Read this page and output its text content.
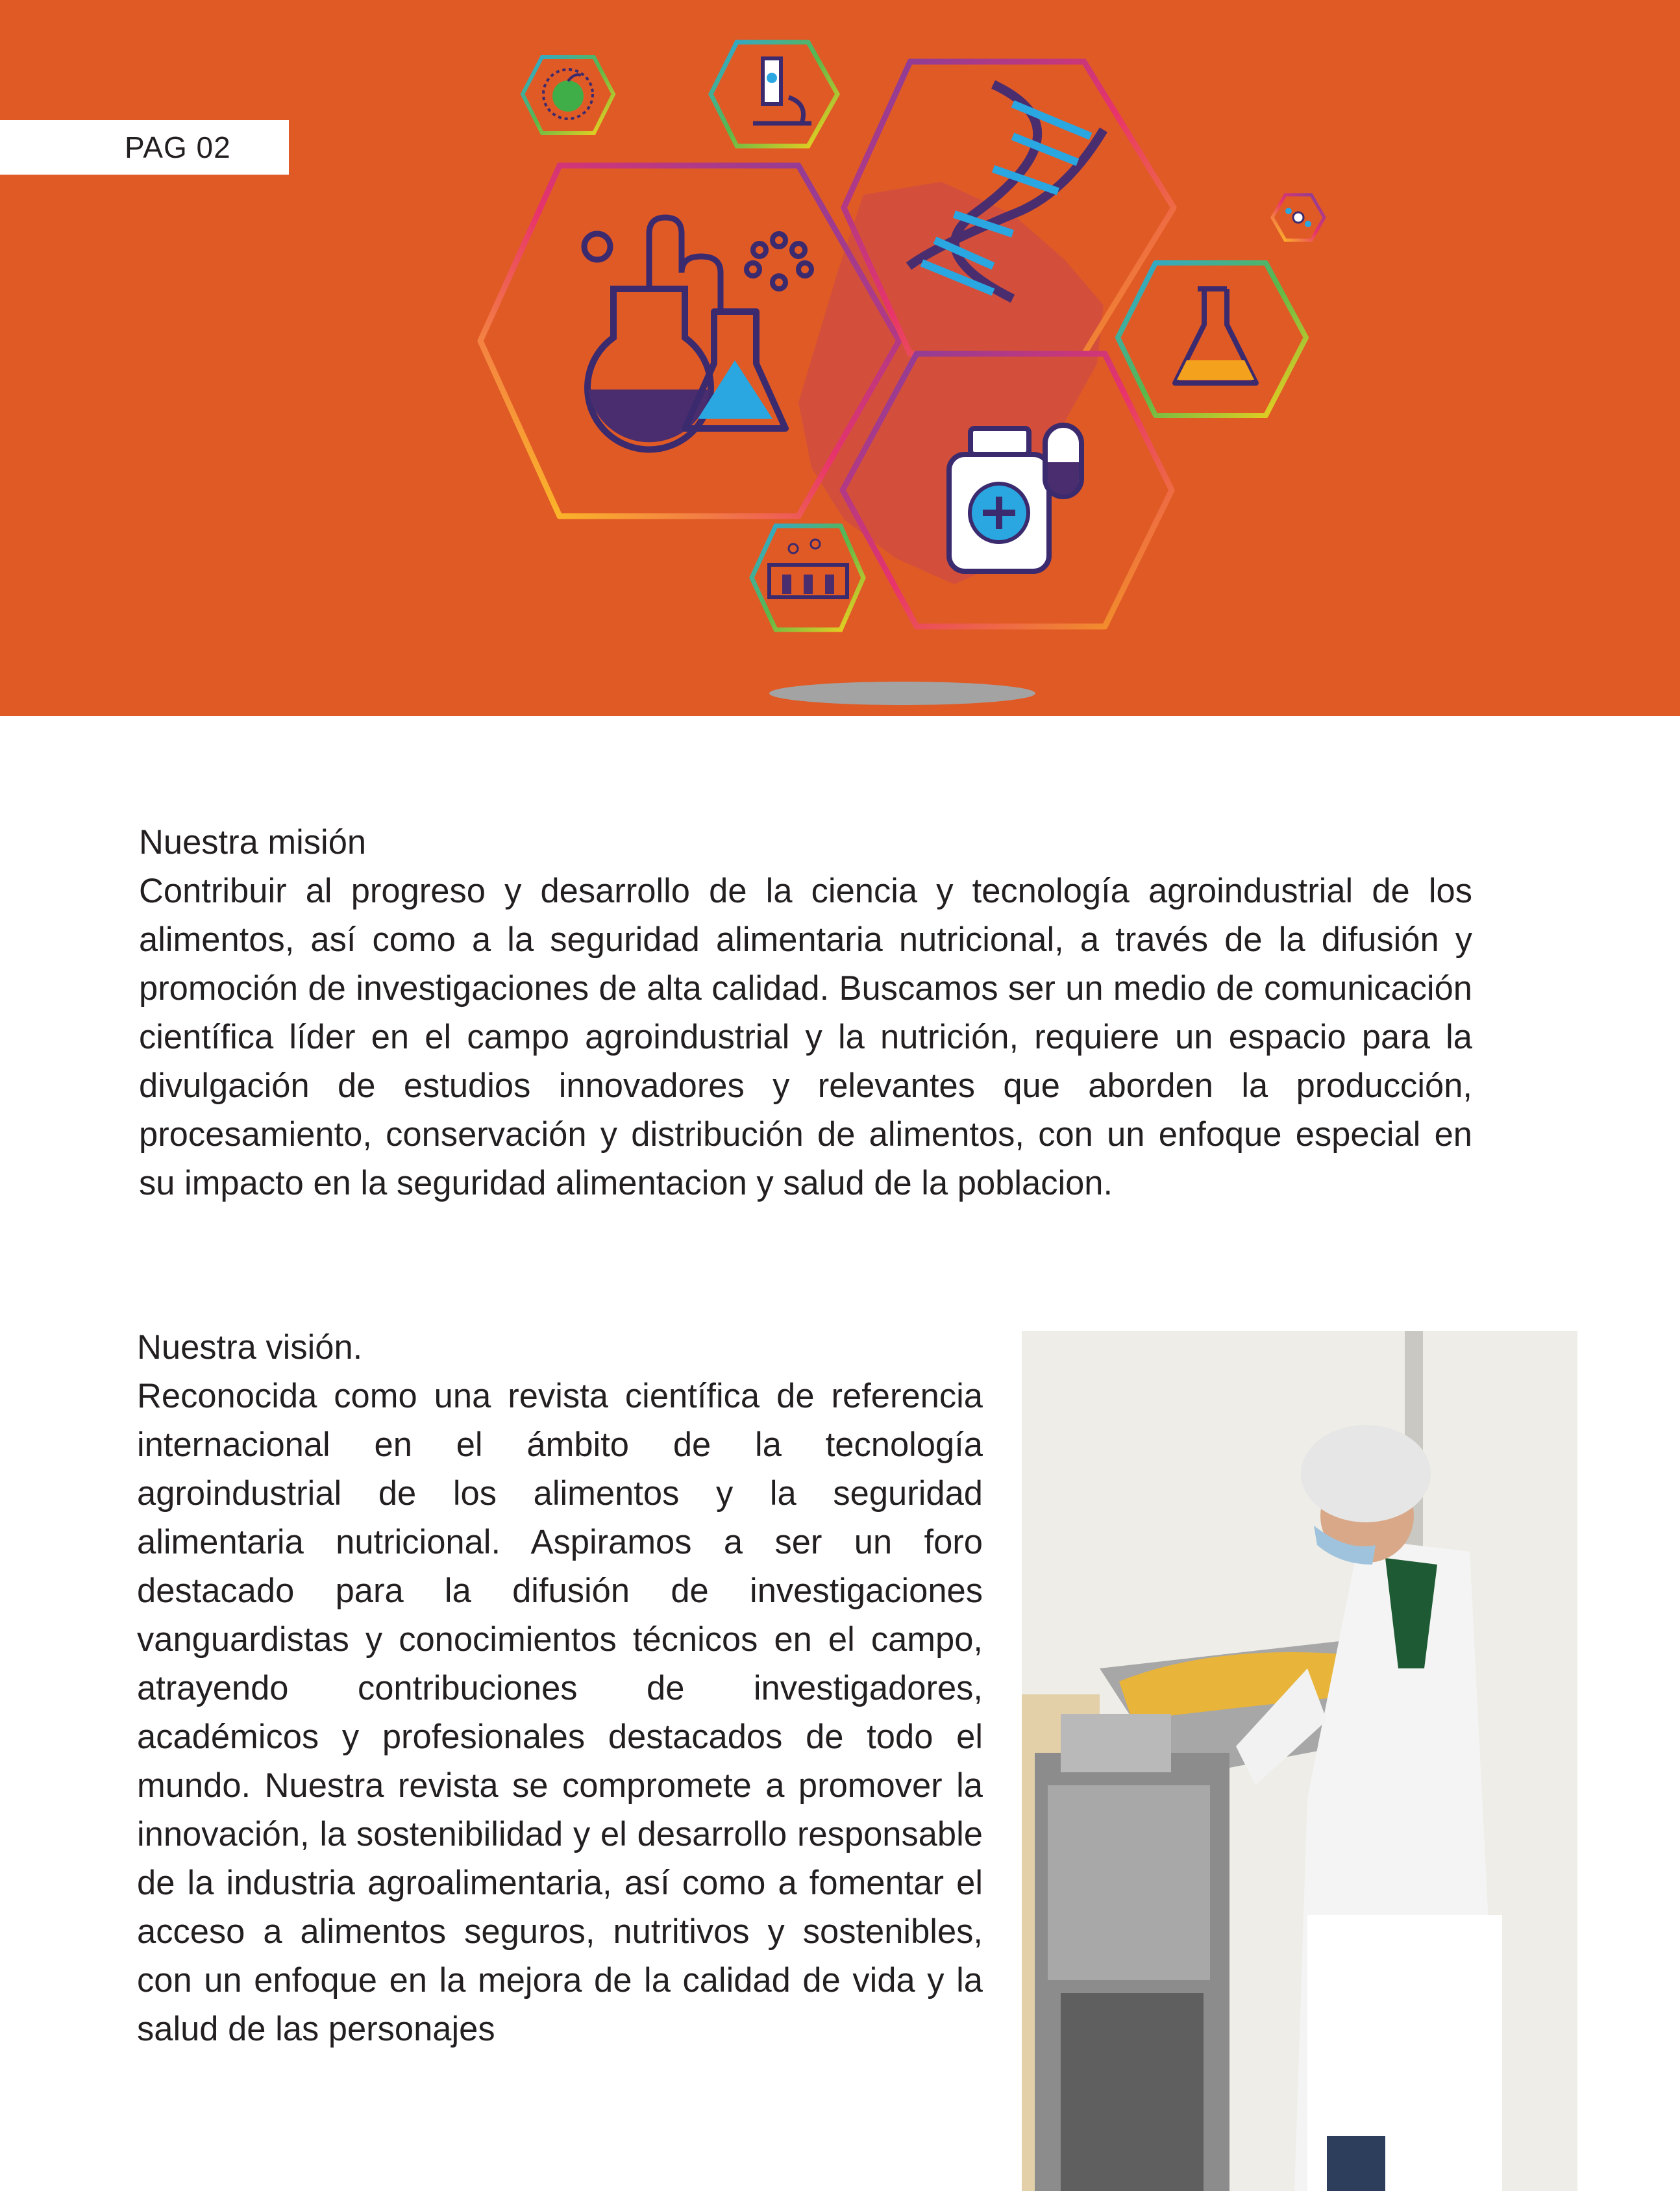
PAG 02
Nuestra misión
Contribuir al progreso y desarrollo de la ciencia y tecnología agroindustrial de los alimentos, así como a la seguridad alimentaria nutricional, a través de la difusión y promoción de investigaciones de alta calidad. Buscamos ser un medio de comunicación científica líder en el campo agroindustrial y la nutrición, requiere un espacio para la divulgación de estudios innovadores y relevantes que aborden la producción, procesamiento, conservación y distribución de alimentos, con un enfoque especial en su impacto en la seguridad alimentacion y salud de la poblacion.
Nuestra visión.
Reconocida como una revista científica de referencia internacional en el ámbito de la tecnología agroindustrial de los alimentos y la seguridad alimentaria nutricional. Aspiramos a ser un foro destacado para la difusión de investigaciones vanguardistas y conocimientos técnicos en el campo, atrayendo contribuciones de investigadores, académicos y profesionales destacados de todo el mundo. Nuestra revista se compromete a promover la innovación, la sostenibilidad y el desarrollo responsable de la industria agroalimentaria, así como a fomentar el acceso a alimentos seguros, nutritivos y sostenibles, con un enfoque en la mejora de la calidad de vida y la salud de las personajes
